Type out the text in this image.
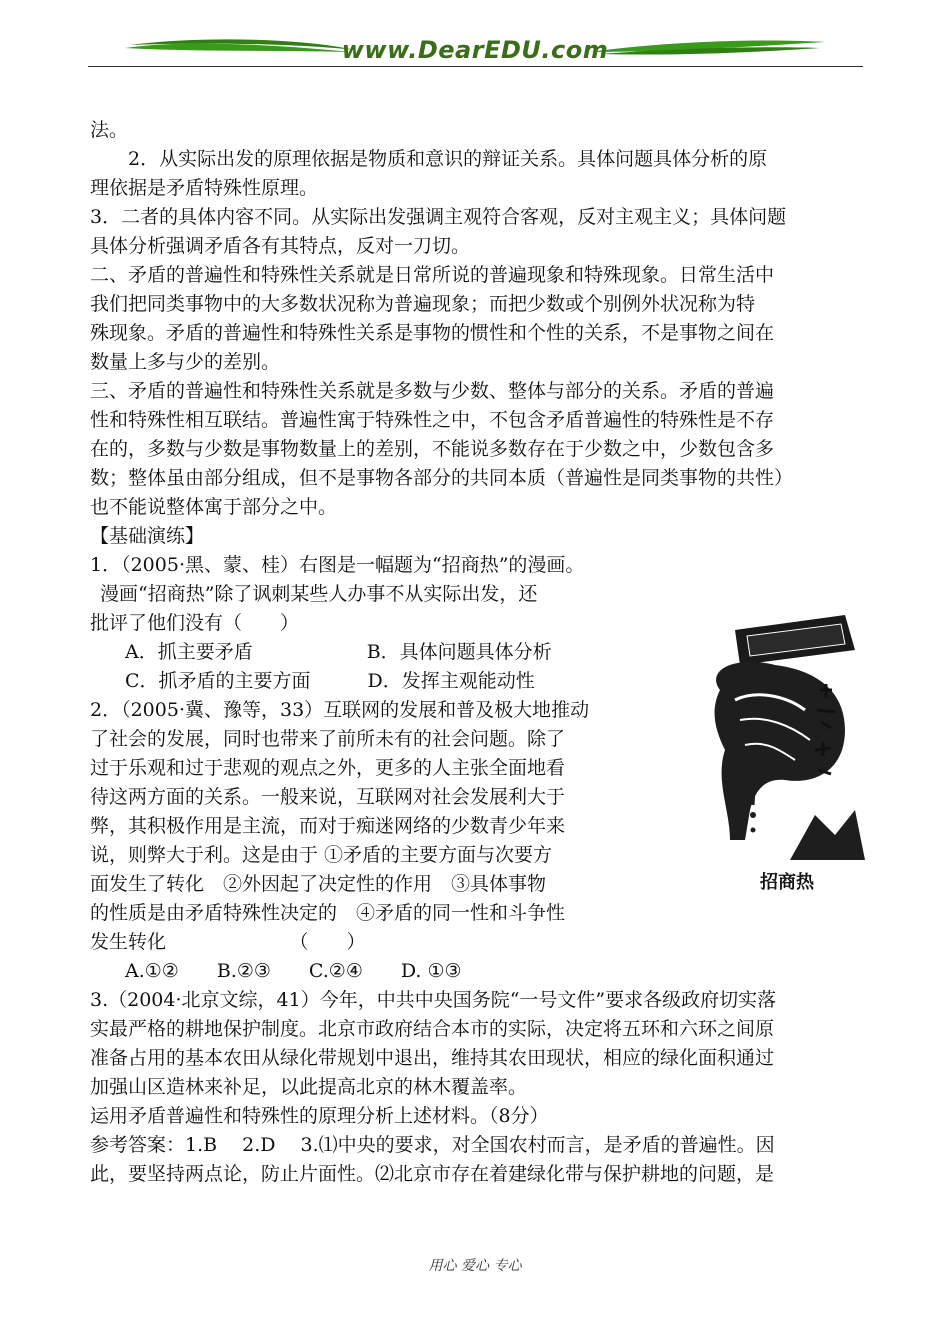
www.DearEDU.com

法。

2．从实际出发的原理依据是物质和意识的辩证关系。具体问题具体分析的原

理依据是矛盾特殊性原理。

3．二者的具体内容不同。从实际出发强调主观符合客观，反对主观主义；具体问题

具体分析强调矛盾各有其特点，反对一刀切。

二、矛盾的普遍性和特殊性关系就是日常所说的普遍现象和特殊现象。日常生活中

我们把同类事物中的大多数状况称为普遍现象；而把少数或个别例外状况称为特

殊现象。矛盾的普遍性和特殊性关系是事物的惯性和个性的关系，不是事物之间在

数量上多与少的差别。

三、矛盾的普遍性和特殊性关系就是多数与少数、整体与部分的关系。矛盾的普遍

性和特殊性相互联结。普遍性寓于特殊性之中，不包含矛盾普遍性的特殊性是不存

在的，多数与少数是事物数量上的差别，不能说多数存在于少数之中，少数包含多

数；整体虽由部分组成，但不是事物各部分的共同本质（普遍性是同类事物的共性）

也不能说整体寓于部分之中。

【基础演练】

1．（2005·黑、蒙、桂）右图是一幅题为“招商热”的漫画。

漫画“招商热”除了讽刺某些人办事不从实际出发，还

批评了他们没有（　　）

A．抓主要矛盾　　　　　　B．具体问题具体分析

C．抓矛盾的主要方面　　　D．发挥主观能动性

2．（2005·冀、豫等，33）互联网的发展和普及极大地推动

了社会的发展，同时也带来了前所未有的社会问题。除了

过于乐观和过于悲观的观点之外，更多的人主张全面地看

待这两方面的关系。一般来说，互联网对社会发展利大于

弊，其积极作用是主流，而对于痴迷网络的少数青少年来

说，则弊大于利。这是由于 ①矛盾的主要方面与次要方

面发生了转化　②外因起了决定性的作用　③具体事物

的性质是由矛盾特殊性决定的　④矛盾的同一性和斗争性

发生转化　　　　　　　（　　）

A.①②　　B.②③　　C.②④　　D. ①③

3.（2004·北京文综，41）今年，中共中央国务院“一号文件”要求各级政府切实落

实最严格的耕地保护制度。北京市政府结合本市的实际，决定将五环和六环之间原

准备占用的基本农田从绿化带规划中退出，维持其农田现状，相应的绿化面积通过

加强山区造林来补足，以此提高北京的林木覆盖率。

运用矛盾普遍性和特殊性的原理分析上述材料。（8分）

参考答案：1.B　 2.D　 3.⑴中央的要求，对全国农村而言，是矛盾的普遍性。因

此，要坚持两点论，防止片面性。⑵北京市存在着建绿化带与保护耕地的问题，是

招商热
用心 爱心 专心
